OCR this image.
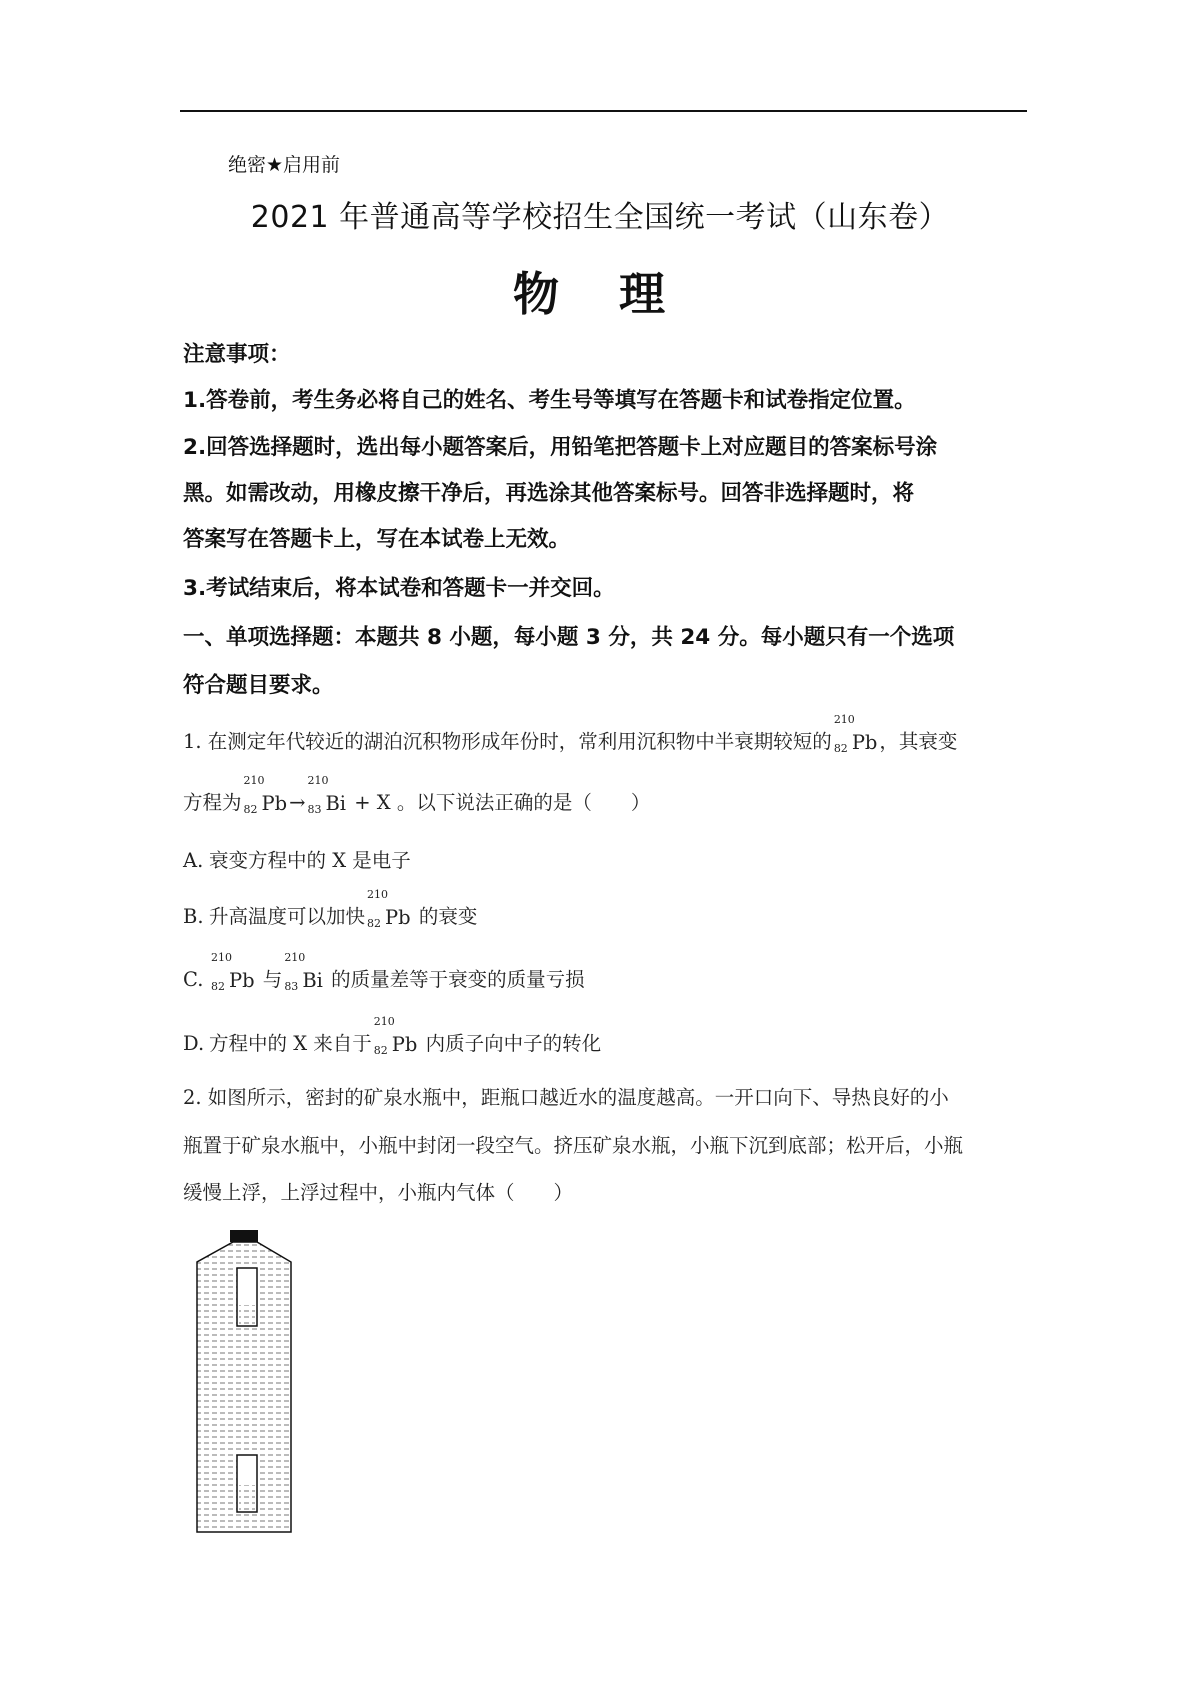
绝密★启用前
2021 年普通高等学校招生全国统一考试（山东卷）
物 理
注意事项：
1.答卷前，考生务必将自己的姓名、考生号等填写在答题卡和试卷指定位置。
2.回答选择题时，选出每小题答案后，用铅笔把答题卡上对应题目的答案标号涂
黑。如需改动，用橡皮擦干净后，再选涂其他答案标号。回答非选择题时，将
答案写在答题卡上，写在本试卷上无效。
3.考试结束后，将本试卷和答题卡一并交回。
一、单项选择题：本题共 8 小题，每小题 3 分，共 24 分。每小题只有一个选项
符合题目要求。
1. 在测定年代较近的湖泊沉积物形成年份时，常利用沉积物中半衰期较短的
210
82 Pb ，其衰变
方程为
210
82 Pb →
210
83 Bi + X 。以下说法正确的是（　　）
A. 衰变方程中的 X 是电子
B. 升高温度可以加快
210
82 Pb 的衰变
C.
210
82 Pb 与
210
83 Bi 的质量差等于衰变的质量亏损
D. 方程中的 X 来自于
210
82 Pb 内质子向中子的转化
2. 如图所示，密封的矿泉水瓶中，距瓶口越近水的温度越高。一开口向下、导热良好的小
瓶置于矿泉水瓶中，小瓶中封闭一段空气。挤压矿泉水瓶，小瓶下沉到底部；松开后，小瓶
缓慢上浮，上浮过程中，小瓶内气体（　　）
